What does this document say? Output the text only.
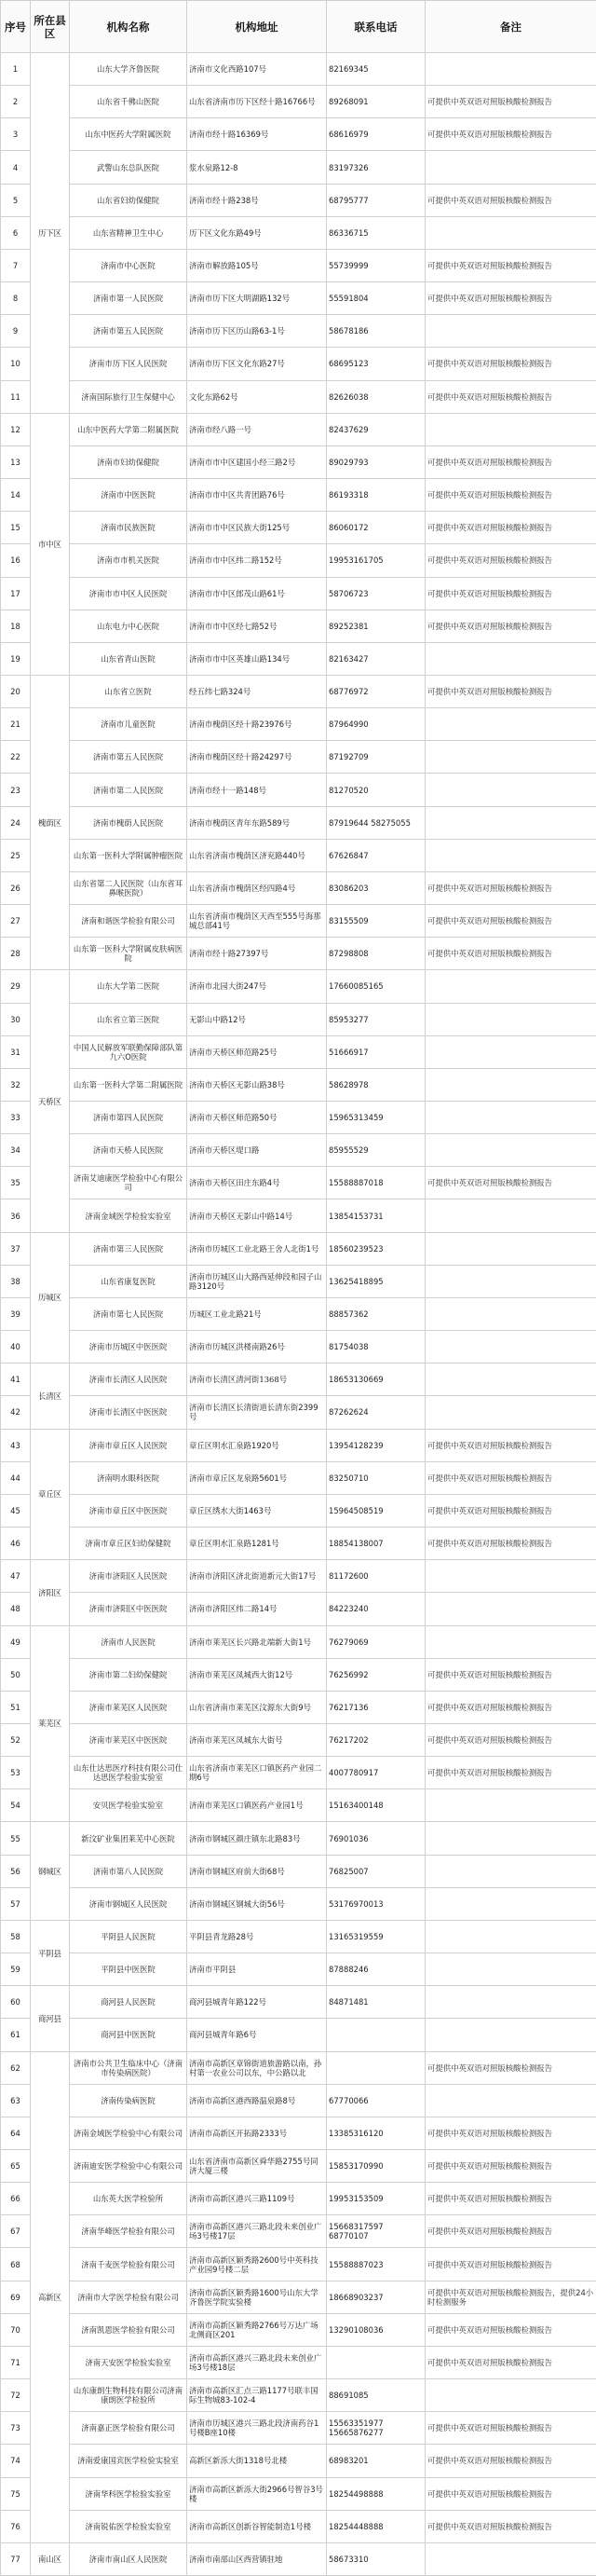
序号	所在县区	机构名称	机构地址	联系电话	备注
1	历下区	山东大学齐鲁医院	济南市文化西路107号	82169345	
2		山东省千佛山医院	山东省济南市历下区经十路16766号	89268091	可提供中英双语对照版核酸检测报告
3		山东中医药大学附属医院	济南市经十路16369号	68616979	可提供中英双语对照版核酸检测报告
4		武警山东总队医院	浆水泉路12-8	83197326	
5		山东省妇幼保健院	济南市经十路238号	68795777	可提供中英双语对照版核酸检测报告
6		山东省精神卫生中心	历下区文化东路49号	86336715	
7		济南市中心医院	济南市解放路105号	55739999	可提供中英双语对照版核酸检测报告
8		济南市第一人民医院	济南市历下区大明湖路132号	55591804	可提供中英双语对照版核酸检测报告
9		济南市第五人民医院	济南市历下区历山路63-1号	58678186	
10		济南市历下区人民医院	济南市历下区文化东路27号	68695123	可提供中英双语对照版核酸检测报告
11		济南国际旅行卫生保健中心	文化东路62号	82626038	可提供中英双语对照版核酸检测报告
12	市中区	山东中医药大学第二附属医院	济南市经八路一号	82437629	
13		济南市妇幼保健院	济南市市中区建国小经三路2号	89029793	可提供中英双语对照版核酸检测报告
14		济南市中医医院	济南市市中区共青团路76号	86193318	可提供中英双语对照版核酸检测报告
15		济南市民族医院	济南市市中区民族大街125号	86060172	可提供中英双语对照版核酸检测报告
16		济南市市机关医院	济南市市中区纬二路152号	19953161705	可提供中英双语对照版核酸检测报告
17		济南市市中区人民医院	济南市市中区郎茂山路61号	58706723	可提供中英双语对照版核酸检测报告
18		山东电力中心医院	济南市市中区经七路52号	89252381	可提供中英双语对照版核酸检测报告
19		山东省青山医院	济南市市中区英雄山路134号	82163427	
20	槐荫区	山东省立医院	经五纬七路324号	68776972	可提供中英双语对照版核酸检测报告
21		济南市儿童医院	济南市槐荫区经十路23976号	87964990	
22		济南市第五人民医院	济南市槐荫区经十路24297号	87192709	
23		济南市第二人民医院	济南市经十一路148号	81270520	
24		济南市槐荫人民医院	济南市槐荫区青年东路589号	87919644 58275055	
25		山东第一医科大学附属肿瘤医院	山东省济南市槐荫区济兖路440号	67626847	
26		山东省第二人民医院（山东省耳鼻喉医院）	山东省济南市槐荫区经四路4号	83086203	可提供中英双语对照版核酸检测报告
27		济南和谐医学检验有限公司	山东省济南市槐荫区天西至555号海那城总部41号	83155509	可提供中英双语对照版核酸检测报告
28		山东第一医科大学附属皮肤病医院	济南市经十路27397号	87298808	可提供中英双语对照版核酸检测报告
29	天桥区	山东大学第二医院	济南市北园大街247号	17660085165	
30		山东省立第三医院	无影山中路12号	85953277	
31		中国人民解放军联勤保障部队第九六O医院	济南市天桥区师范路25号	51666917	
32		山东第一医科大学第二附属医院	济南市天桥区无影山路38号	58628978	
33		济南市第四人民医院	济南市天桥区师范路50号	15965313459	
34		济南市天桥人民医院	济南市天桥区堤口路	85955529	
35		济南艾迪康医学检验中心有限公司	济南市天桥区田庄东路4号	15588887018	可提供中英双语对照版核酸检测报告
36		济南金域医学检验实验室	济南市天桥区无影山中路14号	13854153731	
37	历城区	济南市第三人民医院	济南市历城区工业北路王舍人北街1号	18560239523	
38		山东省康复医院	济南市历城区山大路西延伸段和园子山路3120号	13625418895	
39		济南市第七人民医院	历城区工业北路21号	88857362	
40		济南市历城区中医医院	济南市历城区洪楼南路26号	81754038	
41	长清区	济南市长清区人民医院	济南市长清区清河街1368号	18653130669	
42		济南市长清区中医医院	济南市长清区长清街道长清东街2399号	87262624	
43	章丘区	济南市章丘区人民医院	章丘区明水汇泉路1920号	13954128239	可提供中英双语对照版核酸检测报告
44		济南明水眼科医院	济南市章丘区龙泉路5601号	83250710	可提供中英双语对照版核酸检测报告
45		济南市章丘区中医医院	章丘区绣水大街1463号	15964508519	可提供中英双语对照版核酸检测报告
46		济南市章丘区妇幼保健院	章丘区明水汇泉路1281号	18854138007	可提供中英双语对照版核酸检测报告
47	济阳区	济南市济阳区人民医院	济南市济阳区济北街道新元大街17号	81172600	
48		济南市济阳区中医医院	济南市济阳区纬二路14号	84223240	
49	莱芜区	济南市人民医院	济南市莱芜区长兴路北端新大街1号	76279069	
50		济南市第二妇幼保健院	济南市莱芜区凤城西大街12号	76256992	可提供中英双语对照版核酸检测报告
51		济南市莱芜区人民医院	山东省济南市莱芜区汶源东大街9号	76217136	可提供中英双语对照版核酸检测报告
52		济南市莱芜区中医医院	济南市莱芜区凤城东大街号	76217202	可提供中英双语对照版核酸检测报告
53		山东仕达思医疗科技有限公司仕达思医学检验实验室	山东省济南市莱芜区口镇医药产业园二期6号	4007780917	可提供中英双语对照版核酸检测报告
54		安贝医学检验实验室	济南市莱芜区口镇医药产业园1号	15163400148	
55	钢城区	新汶矿业集团莱芜中心医院	济南市钢城区颜庄镇东北路83号	76901036	
56		济南市第八人民医院	济南市钢城区府前大街68号	76825007	
57		济南市钢城区人民医院	济南市钢城区钢城大街56号	53176970013	
58	平阴县	平阴县人民医院	平阴县青龙路28号	13165319559	
59		平阴县中医医院	济南市平阴县	87888246	
60	商河县	商河县人民医院	商河县城青年路122号	84871481	
61		商河县中医医院	商河县城青年路6号		
62	高新区	济南市公共卫生临床中心（济南市传染病医院）	济南市高新区章锦街道旅游路以南，孙村第一农业公司以东，中公路以北		可提供中英双语对照版核酸检测报告
63		济南传染病医院	济南市高新区港西路温泉路8号	67770066	
64		济南金域医学检验中心有限公司	济南市高新区开拓路2333号	13385316120	可提供中英双语对照版核酸检测报告
65		济南迪安医学检验中心有限公司	山东省济南市高新区舜华路2755号同济大厦三楼	15853170990	可提供中英双语对照版核酸检测报告
66		山东英大医学检验所	济南市高新区港兴三路1109号	19953153509	可提供中英双语对照版核酸检测报告
67		济南华峰医学检验有限公司	济南市高新区港兴三路北段未来创业广场3号楼17层	15668317597 68770107	可提供中英双语对照版核酸检测报告
68		济南千麦医学检验有限公司	济南市高新区颖秀路2600号中英科技产业园9号楼二层	15588887023	可提供中英双语对照版核酸检测报告
69		济南市大学医学检验有限公司	济南市高新区颖秀路1600号山东大学齐鲁医学院实验楼	18668903237	可提供中英双语对照版核酸检测报告，提供24小时检测服务
70		济南凯恩医学检验有限公司	济南市高新区颖秀路2766号万达广场北侧商区201	13290108036	可提供中英双语对照版核酸检测报告
71		济南天安医学检验实验室	济南市高新区港兴三路北段未来创业广场3号楼18层		可提供中英双语对照版核酸检测报告
72		山东康朗生物科技有限公司济南康朗医学检验所	济南市高新区汇点三路1177号联丰国际生物城83-102-4	88691085	
73		济南嘉正医学检验有限公司	济南市历城区港兴三路北段济南药谷1号楼B座10楼	15563351977 15665876277	可提供中英双语对照版核酸检测报告
74		济南爱康国宾医学检验实验室	高新区新泺大街1318号北楼	68983201	可提供中英双语对照版核酸检测报告
75		济南华科医学检验实验室	济南市高新区新泺大街2966号智谷3号楼	18254498888	可提供中英双语对照版核酸检测报告
76		济南锐佑医学检验实验室	济南市高新区创新谷智能制造1号楼	18254448888	可提供中英双语对照版核酸检测报告
77	南山区	济南市南山区人民医院	济南市南部山区西营镇驻地	58673310	
